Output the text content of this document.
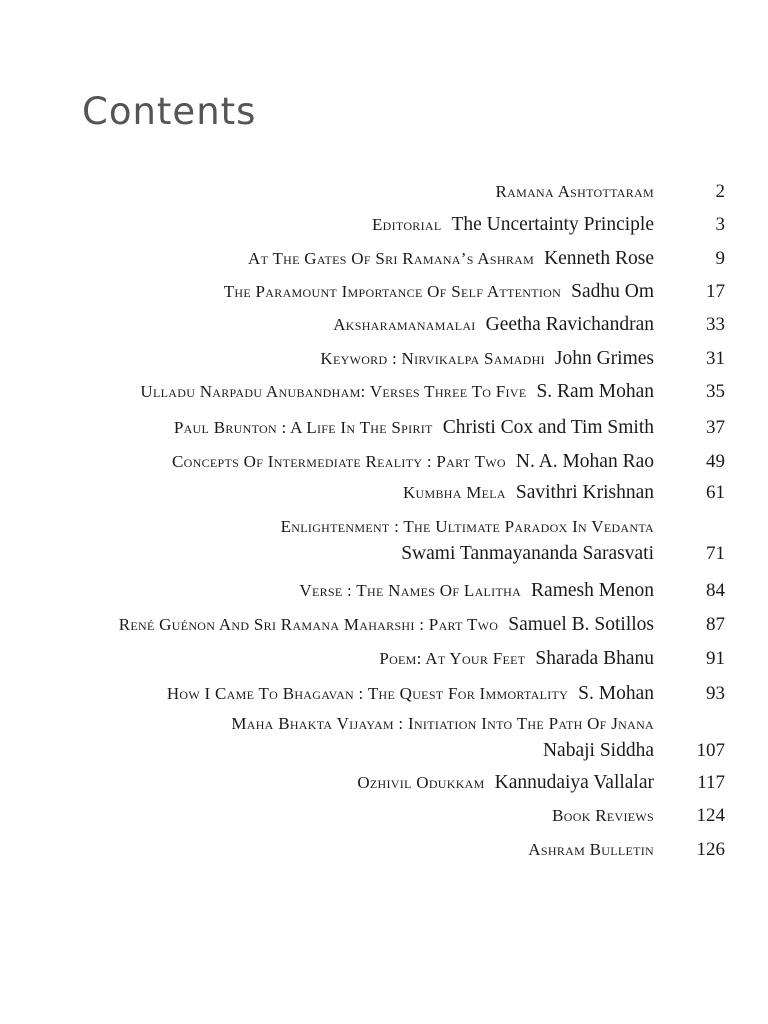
Contents
Ramana Ashtottaram	2
Editorial The Uncertainty Principle	3
At The Gates Of Sri Ramana’s Ashram Kenneth Rose	9
The Paramount Importance Of Self Attention Sadhu Om	17
Aksharamanamalai Geetha Ravichandran	33
Keyword : Nirvikalpa Samadhi John Grimes	31
Ulladu Narpadu Anubandham: Verses Three To Five S. Ram Mohan	35
Paul Brunton : A Life In The Spirit Christi Cox and Tim Smith	37
Concepts Of Intermediate Reality : Part Two N. A. Mohan Rao	49
Kumbha Mela Savithri Krishnan	61
Enlightenment : The Ultimate Paradox In Vedanta
Swami Tanmayananda Sarasvati	71
Verse : The Names Of Lalitha Ramesh Menon	84
René Guénon And Sri Ramana Maharshi : Part Two Samuel B. Sotillos	87
Poem: At Your Feet Sharada Bhanu	91
How I Came To Bhagavan : The Quest For Immortality S. Mohan	93
Maha Bhakta Vijayam : Initiation Into The Path Of Jnana
Nabaji Siddha 107
Ozhivil Odukkam Kannudaiya Vallalar 117
Book Reviews 124
Ashram Bulletin 126
